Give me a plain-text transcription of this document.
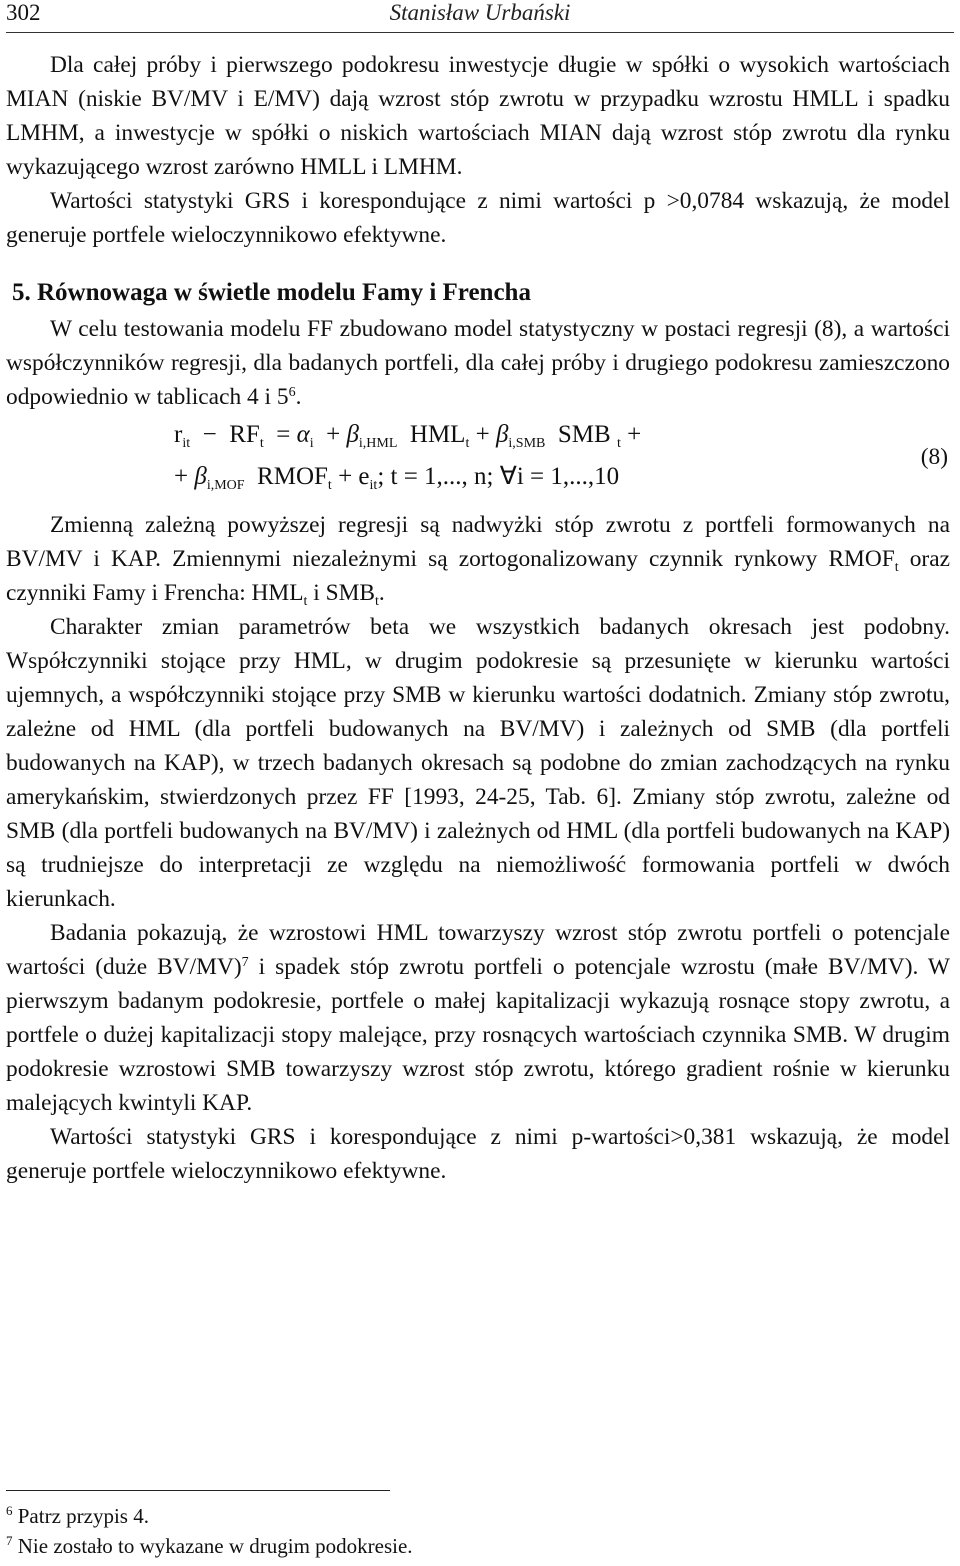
302	Stanisław Urbański

Dla całej próby i pierwszego podokresu inwestycje długie w spółki o wysokich wartościach MIAN (niskie BV/MV i E/MV) dają wzrost stóp zwrotu w przypadku wzrostu HMLL i spadku LMHM, a inwestycje w spółki o niskich wartościach MIAN dają wzrost stóp zwrotu dla rynku wykazującego wzrost zarówno HMLL i LMHM.

Wartości statystyki GRS i korespondujące z nimi wartości p >0,0784 wskazują, że model generuje portfele wieloczynnikowo efektywne.

5. Równowaga w świetle modelu Famy i Frencha

W celu testowania modelu FF zbudowano model statystyczny w postaci regresji (8), a wartości współczynników regresji, dla badanych portfeli, dla całej próby i drugiego podokresu zamieszczono odpowiednio w tablicach 4 i $5^6$.

$r_{it} - RF_t = \alpha_i + \beta_{i,HML}$ $HML_t + \beta_{i,SMB}$ SMB $_t$ +
+ $\beta_{i,MOF}$ $RMOF_t + e_{it}$; t = 1,..., n; ∀i = 1,...,10
(8)

Zmienną zależną powyższej regresji są nadwyżki stóp zwrotu z portfeli formowanych na BV/MV i KAP. Zmiennymi niezależnymi są zortogonalizowany czynnik rynkowy $RMOF_t$ oraz czynniki Famy i Frencha: $HML_t$ i $SMB_t$.

Charakter zmian parametrów beta we wszystkich badanych okresach jest podobny. Współczynniki stojące przy HML, w drugim podokresie są przesunięte w kierunku wartości ujemnych, a współczynniki stojące przy SMB w kierunku wartości dodatnich. Zmiany stóp zwrotu, zależne od HML (dla portfeli budowanych na BV/MV) i zależnych od SMB (dla portfeli budowanych na KAP), w trzech badanych okresach są podobne do zmian zachodzących na rynku amerykańskim, stwierdzonych przez FF [1993, 24-25, Tab. 6]. Zmiany stóp zwrotu, zależne od SMB (dla portfeli budowanych na BV/MV) i zależnych od HML (dla portfeli budowanych na KAP) są trudniejsze do interpretacji ze względu na niemożliwość formowania portfeli w dwóch kierunkach.

Badania pokazują, że wzrostowi HML towarzyszy wzrost stóp zwrotu portfeli o potencjale wartości (duże BV/MV)$^7$ i spadek stóp zwrotu portfeli o potencjale wzrostu (małe BV/MV). W pierwszym badanym podokresie, portfele o małej kapitalizacji wykazują rosnące stopy zwrotu, a portfele o dużej kapitalizacji stopy malejące, przy rosnących wartościach czynnika SMB. W drugim podokresie wzrostowi SMB towarzyszy wzrost stóp zwrotu, którego gradient rośnie w kierunku malejących kwintyli KAP.

Wartości statystyki GRS i korespondujące z nimi p-wartości>0,381 wskazują, że model generuje portfele wieloczynnikowo efektywne.

$^6$ Patrz przypis 4.

$^7$ Nie zostało to wykazane w drugim podokresie.
